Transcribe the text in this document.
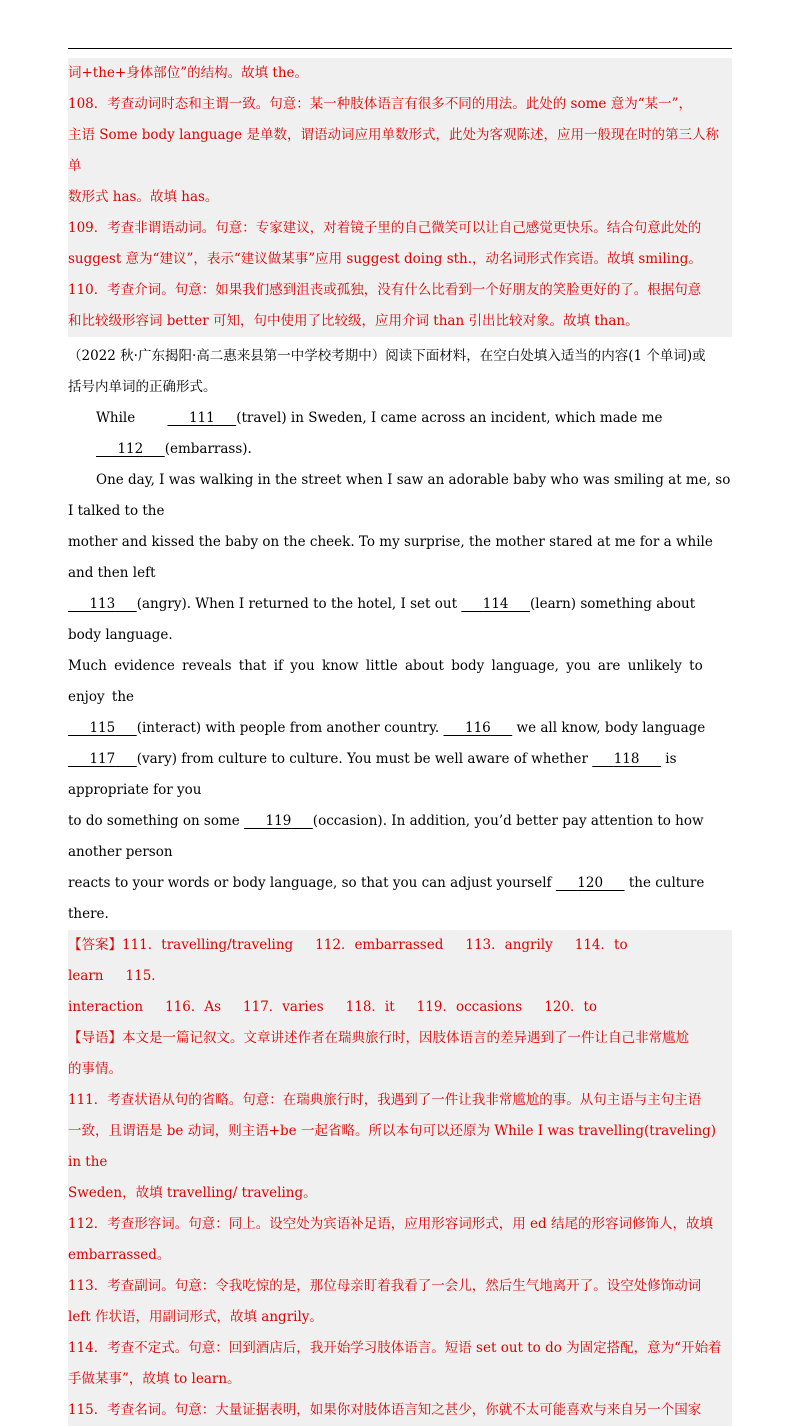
词+the+身体部位”的结构。故填 the。

108．考查动词时态和主谓一致。句意：某一种肢体语言有很多不同的用法。此处的 some 意为“某一”，

主语 Some body language 是单数，谓语动词应用单数形式，此处为客观陈述，应用一般现在时的第三人称单

数形式 has。故填 has。

109．考查非谓语动词。句意：专家建议，对着镜子里的自己微笑可以让自己感觉更快乐。结合句意此处的

suggest 意为“建议”，表示“建议做某事”应用 suggest doing sth.，动名词形式作宾语。故填 smiling。

110．考查介词。句意：如果我们感到沮丧或孤独，没有什么比看到一个好朋友的笑脸更好的了。根据句意

和比较级形容词 better 可知，句中使用了比较级，应用介词 than 引出比较对象。故填 than。

（2022 秋·广东揭阳·高二惠来县第一中学校考期中）阅读下面材料，在空白处填入适当的内容(1 个单词)或

括号内单词的正确形式。

While	111 (travel) in Sweden, I came across an incident, which made me      112 (embarrass).

One day, I was walking in the street when I saw an adorable baby who was smiling at me, so I talked to the

mother and kissed the baby on the cheek. To my surprise, the mother stared at me for a while and then left

113 (angry). When I returned to the hotel, I set out      114 (learn) something about body language.

Much evidence reveals that if you know little about body language, you are unlikely to enjoy the

115 (interact) with people from another country.      116      we all know, body language

117 (vary) from culture to culture. You must be well aware of whether      118      is appropriate for you

to do something on some      119 (occasion). In addition, you’d better pay attention to how another person

reacts to your words or body language, so that you can adjust yourself      120      the culture there.

【答案】111．travelling/traveling 112．embarrassed 113．angrily 114．to learn 115．

interaction 116．As 117．varies 118．it 119．occasions 120．to

【导语】本文是一篇记叙文。文章讲述作者在瑞典旅行时，因肢体语言的差异遇到了一件让自己非常尴尬

的事情。

111．考查状语从句的省略。句意：在瑞典旅行时，我遇到了一件让我非常尴尬的事。从句主语与主句主语

一致，且谓语是 be 动词，则主语+be 一起省略。所以本句可以还原为 While I was travelling(traveling) in the

Sweden，故填 travelling/ traveling。

112．考查形容词。句意：同上。设空处为宾语补足语，应用形容词形式，用 ed 结尾的形容词修饰人，故填

embarrassed。

113．考查副词。句意：令我吃惊的是，那位母亲盯着我看了一会儿，然后生气地离开了。设空处修饰动词

left 作状语，用副词形式，故填 angrily。

114．考查不定式。句意：回到酒店后，我开始学习肢体语言。短语 set out to do 为固定搭配，意为“开始着

手做某事”，故填 to learn。

115．考查名词。句意：大量证据表明，如果你对肢体语言知之甚少，你就不太可能喜欢与来自另一个国家
